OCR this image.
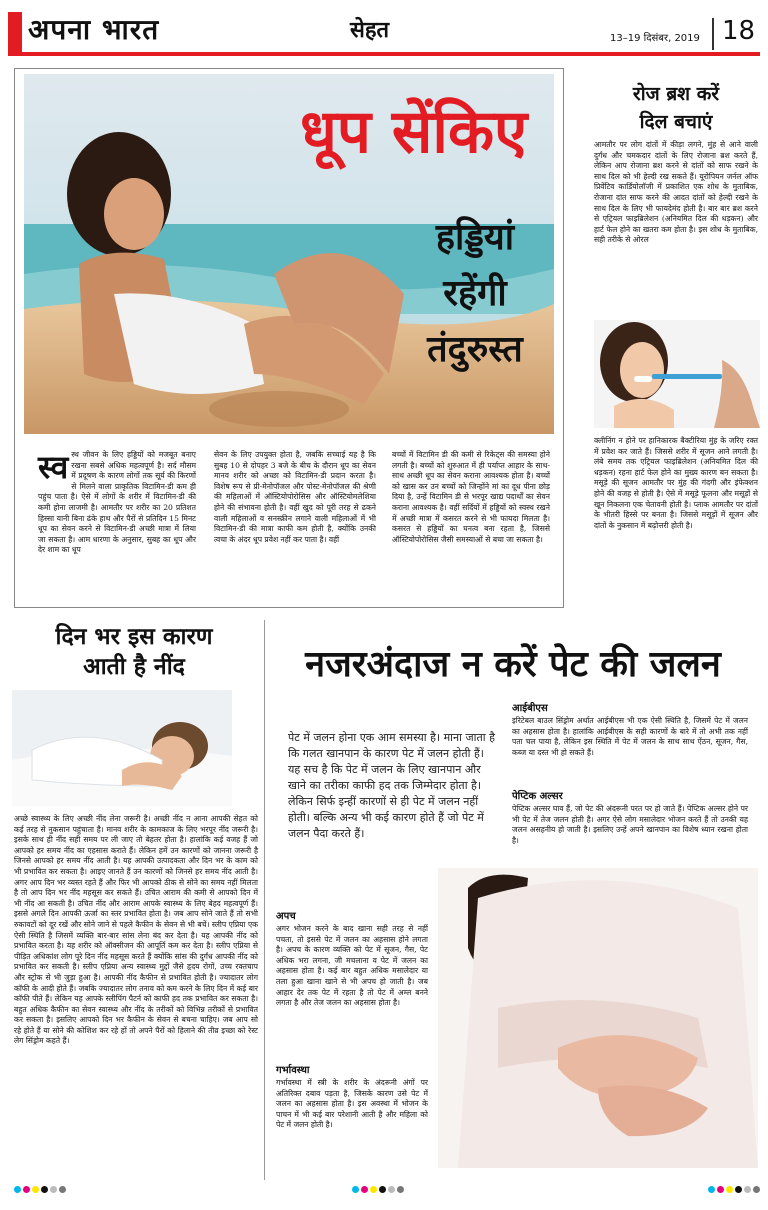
अपना भारत	सेहत	13–19 दिसंबर, 2019 18
धूप सेंकिए
हड्डियां रहेंगी तंदुरुस्त
स्व स्थ जीवन के लिए हड्डियों को मजबूत बनाए रखना सबसे अधिक महत्वपूर्ण है। सर्द मौसम में प्रदूषण के कारण लोगों तक सूर्य की किरणों से मिलने वाला प्राकृतिक विटामिन-डी कम ही पहुंच पाता है। ऐसे में लोगों के शरीर में विटामिन-डी की कमी होना लाजमी है। आमतौर पर शरीर का 20 प्रतिशत हिस्सा यानी बिना ढंके हाथ और पैरों से प्रतिदिन 15 मिनट धूप का सेवन करने से विटामिन-डी अच्छी मात्रा में लिया जा सकता है। आम धारणा के अनुसार, सुबह का धूप और देर शाम का धूप
सेवन के लिए उपयुक्त होता है, जबकि सच्चाई यह है कि सुबह 10 से दोपहर 3 बजे के बीच के दौरान धूप का सेवन मानव शरीर को अच्छा को विटामिन-डी प्रदान करता है। विशेष रूप से प्री-मेनोपॉजल और पोस्ट-मेनोपॉजल की श्रेणी की महिलाओं में ऑस्टियोपोरोसिस और ऑस्टियोमलेशिया होने की संभावना होती है। वहीं खुद को पूरी तरह से ढकने वाली महिलाओं व सनस्क्रीन लगाने वाली महिलाओं में भी विटामिन-डी की मात्रा काफी कम होती है, क्योंकि उनकी त्वचा के अंदर धूप प्रवेश नहीं कर पाता है। वहीं
बच्चों में विटामिन डी की कमी से रिकेट्स की समस्या होने लगती है। बच्चों को शुरुआत में ही पर्याप्त आहार के साथ-साथ अच्छी धूप का सेवन कराना आवश्यक होता है। बच्चों को खास कर उन बच्चों को जिन्होंने मां का दूध पीना छोड़ दिया है, उन्हें विटामिन डी से भरपूर खाद्य पदार्थों का सेवन कराना आवश्यक है। वहीं सर्दियों में हड्डियों को स्वस्थ रखने में अच्छी मात्रा में कसरत करने से भी फायदा मिलता है। कसरत से हड्डियों का घनत्व बना रहता है, जिससे ऑस्टियोपोरोसिस जैसी समस्याओं से बचा जा सकता है।
रोज ब्रश करें
दिल बचाएं
आमतौर पर लोग दांतों में कीड़ा लगने, मुंह से आने वाली दुर्गंध और चमकदार दांतों के लिए रोजाना ब्रश करते हैं, लेकिन आप रोजाना ब्रश करने से दांतों को साफ रखने के साथ दिल को भी हेल्दी रख सकते हैं। यूरोपियन जर्नल ऑफ प्रिवेंटिव कार्डियोलॉजी में प्रकाशित एक शोध के मुताबिक, रोजाना दांत साफ करने की आदत दांतों को हेल्दी रखने के साथ दिल के लिए भी फायदेमंद होती है। बार बार ब्रश करने से एट्रियल फाइब्रिलेशन (अनियमित दिल की धड़कन) और हार्ट फेल होने का खतरा कम होता है। इस शोध के मुताबिक, सही तरीके से ओरल
क्लीनिंग न होने पर हानिकारक बैक्टीरिया मुंह के जरिए रक्त में प्रवेश कर जाते हैं। जिससे शरीर में सूजन आने लगती है। लंबे समय तक एट्रियल फाइब्रिलेशन (अनियमित दिल की धड़कन) रहना हार्ट फेल होने का मुख्य कारण बन सकता है। मसूड़े की सूजन आमतौर पर मुंह की गंदगी और इंफेक्शन होने की वजह से होती है। ऐसे में मसूड़े फूलना और मसूड़ों से खून निकलना एक चेतावनी होती है। प्लाक आमतौर पर दांतों के भीतरी हिस्से पर बनता है। जिससे मसूड़ों में सूजन और दांतों के नुकसान में बढ़ोत्तरी होती है।
दिन भर इस कारण
आती है नींद
अच्छे स्वास्थ्य के लिए अच्छी नींद लेना जरूरी है। अच्छी नींद न आना आपकी सेहत को कई तरह से नुकसान पहुंचाता है। मानव शरीर के कामकाज के लिए भरपूर नींद जरूरी है। इसके साथ ही नींद सही समय पर ली जाए तो बेहतर होता है। हालांकि कई वजह हैं जो आपको हर समय नींद का एहसास कराते हैं। लेकिन हमें उन कारणों को जानना जरूरी है जिनसे आपको हर समय नींद आती है। यह आपकी उत्पादकता और दिन भर के काम को भी प्रभावित कर सकता है। आइए जानते हैं उन कारणों को जिनसे हर समय नींद आती है। अगर आप दिन भर व्यस्त रहते हैं और फिर भी आपको ठीक से सोने का समय नहीं मिलता है तो आप दिन भर नींद महसूस कर सकते हैं। उचित आराम की कमी से आपको दिन में भी नींद आ सकती है। उचित नींद और आराम आपके स्वास्थ्य के लिए बेहद महत्वपूर्ण हैं। इससे अगले दिन आपकी ऊर्जा का स्तर प्रभावित होता है। जब आप सोने जाते हैं तो सभी रुकावटों को दूर रखें और सोने जाने से पहले कैफीन के सेवन से भी बचें। स्लीप एप्निया एक ऐसी स्थिति है जिसमें व्यक्ति बार-बार सांस लेना बंद कर देता है। यह आपकी नींद को प्रभावित करता है। यह शरीर को ऑक्सीजन की आपूर्ति कम कर देता है। स्लीप एप्निया से पीड़ित अधिकांश लोग पूरे दिन नींद महसूस करते हैं क्योंकि सांस की दुर्गंध आपकी नींद को प्रभावित कर सकती है। स्लीप एप्निया अन्य स्वास्थ्य मुद्दों जैसे हृदय रोगों, उच्च रक्तचाप और स्ट्रोक से भी जुड़ा हुआ है। आपकी नींद कैफीन से प्रभावित होती है। ज्यादातर लोग कॉफी के आदी होते हैं। जबकि ज्यादातर लोग तनाव को कम करने के लिए दिन में कई बार कॉफी पीते हैं। लेकिन यह आपके स्लीपिंग पैटर्न को काफी हद तक प्रभावित कर सकता है। बहुत अधिक कैफीन का सेवन स्वास्थ्य और नींद के तरीकों को विभिन्न तरीकों से प्रभावित कर सकता है। इसलिए आपको दिन भर कैफीन के सेवन से बचना चाहिए। जब आप सो रहे होते हैं या सोने की कोशिश कर रहे हों तो अपने पैरों को हिलाने की तीव्र इच्छा को रेस्ट लेग सिंड्रोम कहते हैं।
नजरअंदाज न करें पेट की जलन
पेट में जलन होना एक आम समस्या है। माना जाता है कि गलत खानपान के कारण पेट में जलन होती हैं। यह सच है कि पेट में जलन के लिए खानपान और खाने का तरीका काफी हद तक जिम्मेदार होता है। लेकिन सिर्फ इन्हीं कारणों से ही पेट में जलन नहीं होती। बल्कि अन्य भी कई कारण होते हैं जो पेट में जलन पैदा करते हैं।
आईबीएस
इरिटेबल बाउल सिंड्रोम अर्थात आईबीएस भी एक ऐसी स्थिति है, जिसमें पेट में जलन का अहसास होता है। हालांकि आईबीएस के सही कारणों के बारे में तो अभी तक नहीं पता चल पाया है, लेकिन इस स्थिति में पेट में जलन के साथ साथ ऐंठन, सूजन, गैस, कब्ज या दस्त भी हो सकते हैं।
पेप्टिक अल्सर
पेप्टिक अल्सर घाव हैं, जो पेट की अंदरूनी परत पर हो जाते हैं। पेप्टिक अल्सर होने पर भी पेट में तेज जलन होती है। अगर ऐसे लोग मसालेदार भोजन करते हैं तो उनकी यह जलन असहनीय हो जाती है। इसलिए उन्हें अपने खानपान का विशेष ध्यान रखना होता है।
अपच
अगर भोजन करने के बाद खाना सही तरह से नहीं पचता, तो इससे पेट में जलन का अहसास होने लगता है। अपच के कारण व्यक्ति को पेट में सूजन, गैस, पेट अधिक भरा लगना, जी मचलाना व पेट में जलन का अहसास होता है। कई बार बहुत अधिक मसालेदार या तला हुआ खाना खाने से भी अपच हो जाती है। जब आहार देर तक पेट में रहता है तो पेट में अम्ल बनने लगता है और तेज जलन का अहसास होता है।
गर्भावस्था
गर्भावस्था में स्त्री के शरीर के अंदरूनी अंगों पर अतिरिक्त दबाव पड़ता है, जिसके कारण उसे पेट में जलन का अहसास होता है। इस अवस्था में भोजन के पाचन में भी कई बार परेशानी आती है और महिला को पेट में जलन होती है।
